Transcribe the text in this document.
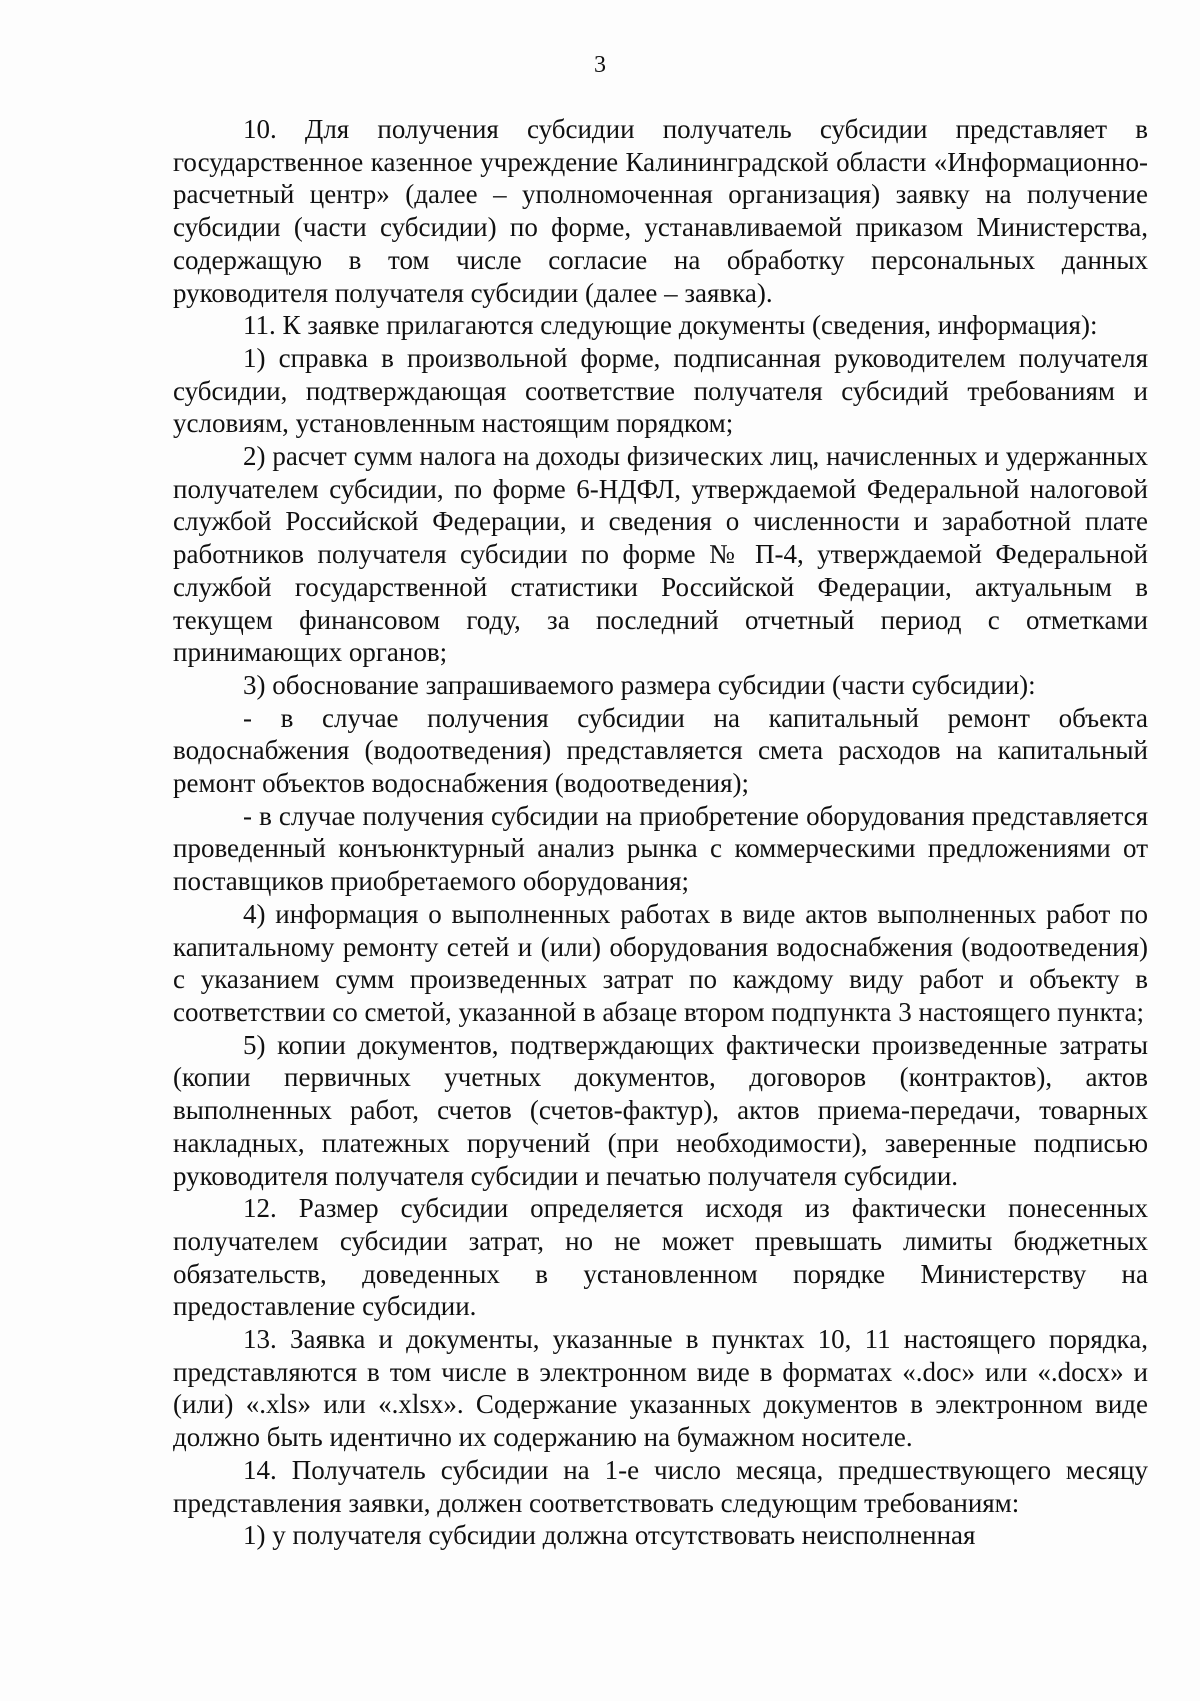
3

10. Для получения субсидии получатель субсидии представляет в государственное казенное учреждение Калининградской области «Информационно-расчетный центр» (далее – уполномоченная организация) заявку на получение субсидии (части субсидии) по форме, устанавливаемой приказом Министерства, содержащую в том числе согласие на обработку персональных данных руководителя получателя субсидии (далее – заявка).

11. К заявке прилагаются следующие документы (сведения, информация):

1) справка в произвольной форме, подписанная руководителем получателя субсидии, подтверждающая соответствие получателя субсидий требованиям и условиям, установленным настоящим порядком;

2) расчет сумм налога на доходы физических лиц, начисленных и удержанных получателем субсидии, по форме 6-НДФЛ, утверждаемой Федеральной налоговой службой Российской Федерации, и сведения о численности и заработной плате работников получателя субсидии по форме № П-4, утверждаемой Федеральной службой государственной статистики Российской Федерации, актуальным в текущем финансовом году, за последний отчетный период с отметками принимающих органов;

3) обоснование запрашиваемого размера субсидии (части субсидии):

- в случае получения субсидии на капитальный ремонт объекта водоснабжения (водоотведения) представляется смета расходов на капитальный ремонт объектов водоснабжения (водоотведения);

- в случае получения субсидии на приобретение оборудования представляется проведенный конъюнктурный анализ рынка с коммерческими предложениями от поставщиков приобретаемого оборудования;

4) информация о выполненных работах в виде актов выполненных работ по капитальному ремонту сетей и (или) оборудования водоснабжения (водоотведения) с указанием сумм произведенных затрат по каждому виду работ и объекту в соответствии со сметой, указанной в абзаце втором подпункта 3 настоящего пункта;

5) копии документов, подтверждающих фактически произведенные затраты (копии первичных учетных документов, договоров (контрактов), актов выполненных работ, счетов (счетов-фактур), актов приема-передачи, товарных накладных, платежных поручений (при необходимости), заверенные подписью руководителя получателя субсидии и печатью получателя субсидии.

12. Размер субсидии определяется исходя из фактически понесенных получателем субсидии затрат, но не может превышать лимиты бюджетных обязательств, доведенных в установленном порядке Министерству на предоставление субсидии.

13. Заявка и документы, указанные в пунктах 10, 11 настоящего порядка, представляются в том числе в электронном виде в форматах «.doc» или «.docx» и (или) «.xls» или «.xlsx». Содержание указанных документов в электронном виде должно быть идентично их содержанию на бумажном носителе.

14. Получатель субсидии на 1-е число месяца, предшествующего месяцу представления заявки, должен соответствовать следующим требованиям:

1) у получателя субсидии должна отсутствовать неисполненная
